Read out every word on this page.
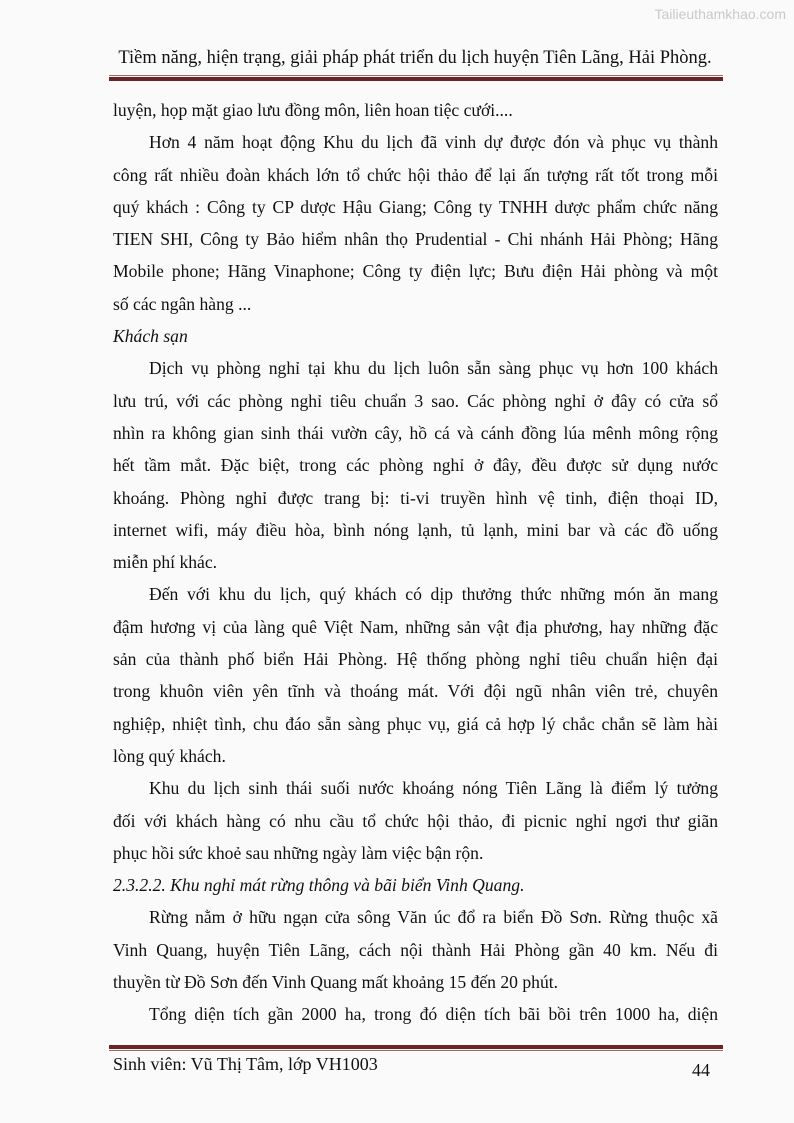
Tailieuthamkhao.com
Tiềm năng, hiện trạng, giải pháp phát triển du lịch huyện Tiên Lãng, Hải Phòng.
luyện, họp mặt giao lưu đồng môn, liên hoan tiệc cưới....
Hơn 4 năm hoạt động Khu du lịch đã vinh dự được đón và phục vụ thành
công rất nhiều đoàn khách lớn tổ chức hội thảo để lại ấn tượng rất tốt trong mỗi
quý khách : Công ty CP dược Hậu Giang; Công ty TNHH dược phẩm chức năng
TIEN SHI, Công ty Bảo hiểm nhân thọ Prudential - Chi nhánh Hải Phòng; Hãng
Mobile phone; Hãng Vinaphone; Công ty điện lực; Bưu điện Hải phòng và một
số các ngân hàng ...
Khách sạn
Dịch vụ phòng nghỉ tại khu du lịch luôn sẵn sàng phục vụ hơn 100 khách
lưu trú, với các phòng nghỉ tiêu chuẩn 3 sao. Các phòng nghỉ ở đây có cửa sổ
nhìn ra không gian sinh thái vườn cây, hồ cá và cánh đồng lúa mênh mông rộng
hết tầm mắt. Đặc biệt, trong các phòng nghỉ ở đây, đều được sử dụng nước
khoáng. Phòng nghỉ được trang bị: ti-vi truyền hình vệ tinh, điện thoại ID,
internet wifi, máy điều hòa, bình nóng lạnh, tủ lạnh, mini bar và các đồ uống
miễn phí khác.
Đến với khu du lịch, quý khách có dịp thưởng thức những món ăn mang
đậm hương vị của làng quê Việt Nam, những sản vật địa phương, hay những đặc
sản của thành phố biển Hải Phòng. Hệ thống phòng nghỉ tiêu chuẩn hiện đại
trong khuôn viên yên tĩnh và thoáng mát. Với đội ngũ nhân viên trẻ, chuyên
nghiệp, nhiệt tình, chu đáo sẵn sàng phục vụ, giá cả hợp lý chắc chắn sẽ làm hài
lòng quý khách.
Khu du lịch sinh thái suối nước khoáng nóng Tiên Lãng là điểm lý tưởng
đối với khách hàng có nhu cầu tổ chức hội thảo, đi picnic nghỉ ngơi thư giãn
phục hồi sức khoẻ sau những ngày làm việc bận rộn.
2.3.2.2. Khu nghỉ mát rừng thông và bãi biển Vinh Quang.
Rừng nằm ở hữu ngạn cửa sông Văn úc đổ ra biển Đồ Sơn. Rừng thuộc xã
Vinh Quang, huyện Tiên Lãng, cách nội thành Hải Phòng gần 40 km. Nếu đi
thuyền từ Đồ Sơn đến Vinh Quang mất khoảng 15 đến 20 phút.
Tổng diện tích gần 2000 ha, trong đó diện tích bãi bồi trên 1000 ha, diện
Sinh viên: Vũ Thị Tâm, lớp VH1003	44
